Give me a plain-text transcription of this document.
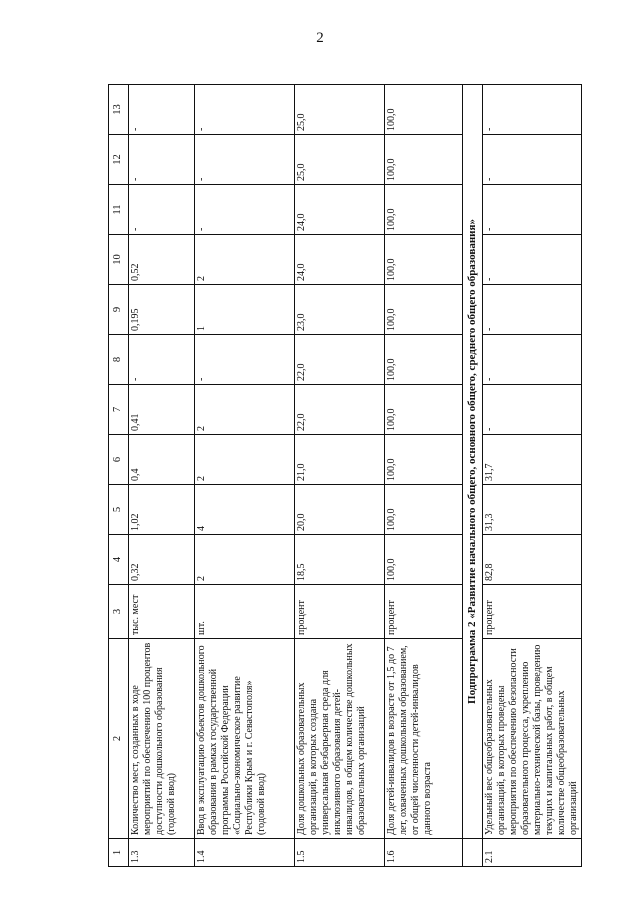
2
1	2	3	4	5	6	7	8	9	10	11	12	13
1.3	Количество мест, созданных в ходе мероприятий по обеспечению 100 процентов доступности дошкольного образования (годовой ввод)	тыс. мест	0,32	1,02	0,4	0,41	-	0,195	0,52	-	-	-
1.4	Ввод в эксплуатацию объектов дошкольного образования в рамках государственной программы Российской Федерации «Социально-экономическое развитие Республики Крым и г. Севастополя» (годовой ввод)	шт.	2	4	2	2	-	1	2	-	-	-
1.5	Доля дошкольных образовательных организаций, в которых создана универсальная безбарьерная среда для инклюзивного образования детей-инвалидов, в общем количестве дошкольных образовательных организаций	процент	18,5	20,0	21,0	22,0	22,0	23,0	24,0	24,0	25,0	25,0
1.6	Доля детей-инвалидов в возрасте от 1,5 до 7 лет, охваченных дошкольным образованием, от общей численности детей-инвалидов данного возраста	процент	100,0	100,0	100,0	100,0	100,0	100,0	100,0	100,0	100,0	100,0
	Подпрограмма 2 «Развитие начального общего, основного общего, среднего общего образования»											
2.1	Удельный вес общеобразовательных организаций, в которых проведены мероприятия по обеспечению безопасности образовательного процесса, укреплению материально-технической базы, проведению текущих и капитальных работ, в общем количестве общеобразовательных организаций	процент	82,8	31,3	31,7	-	-	-	-	-	-	-
